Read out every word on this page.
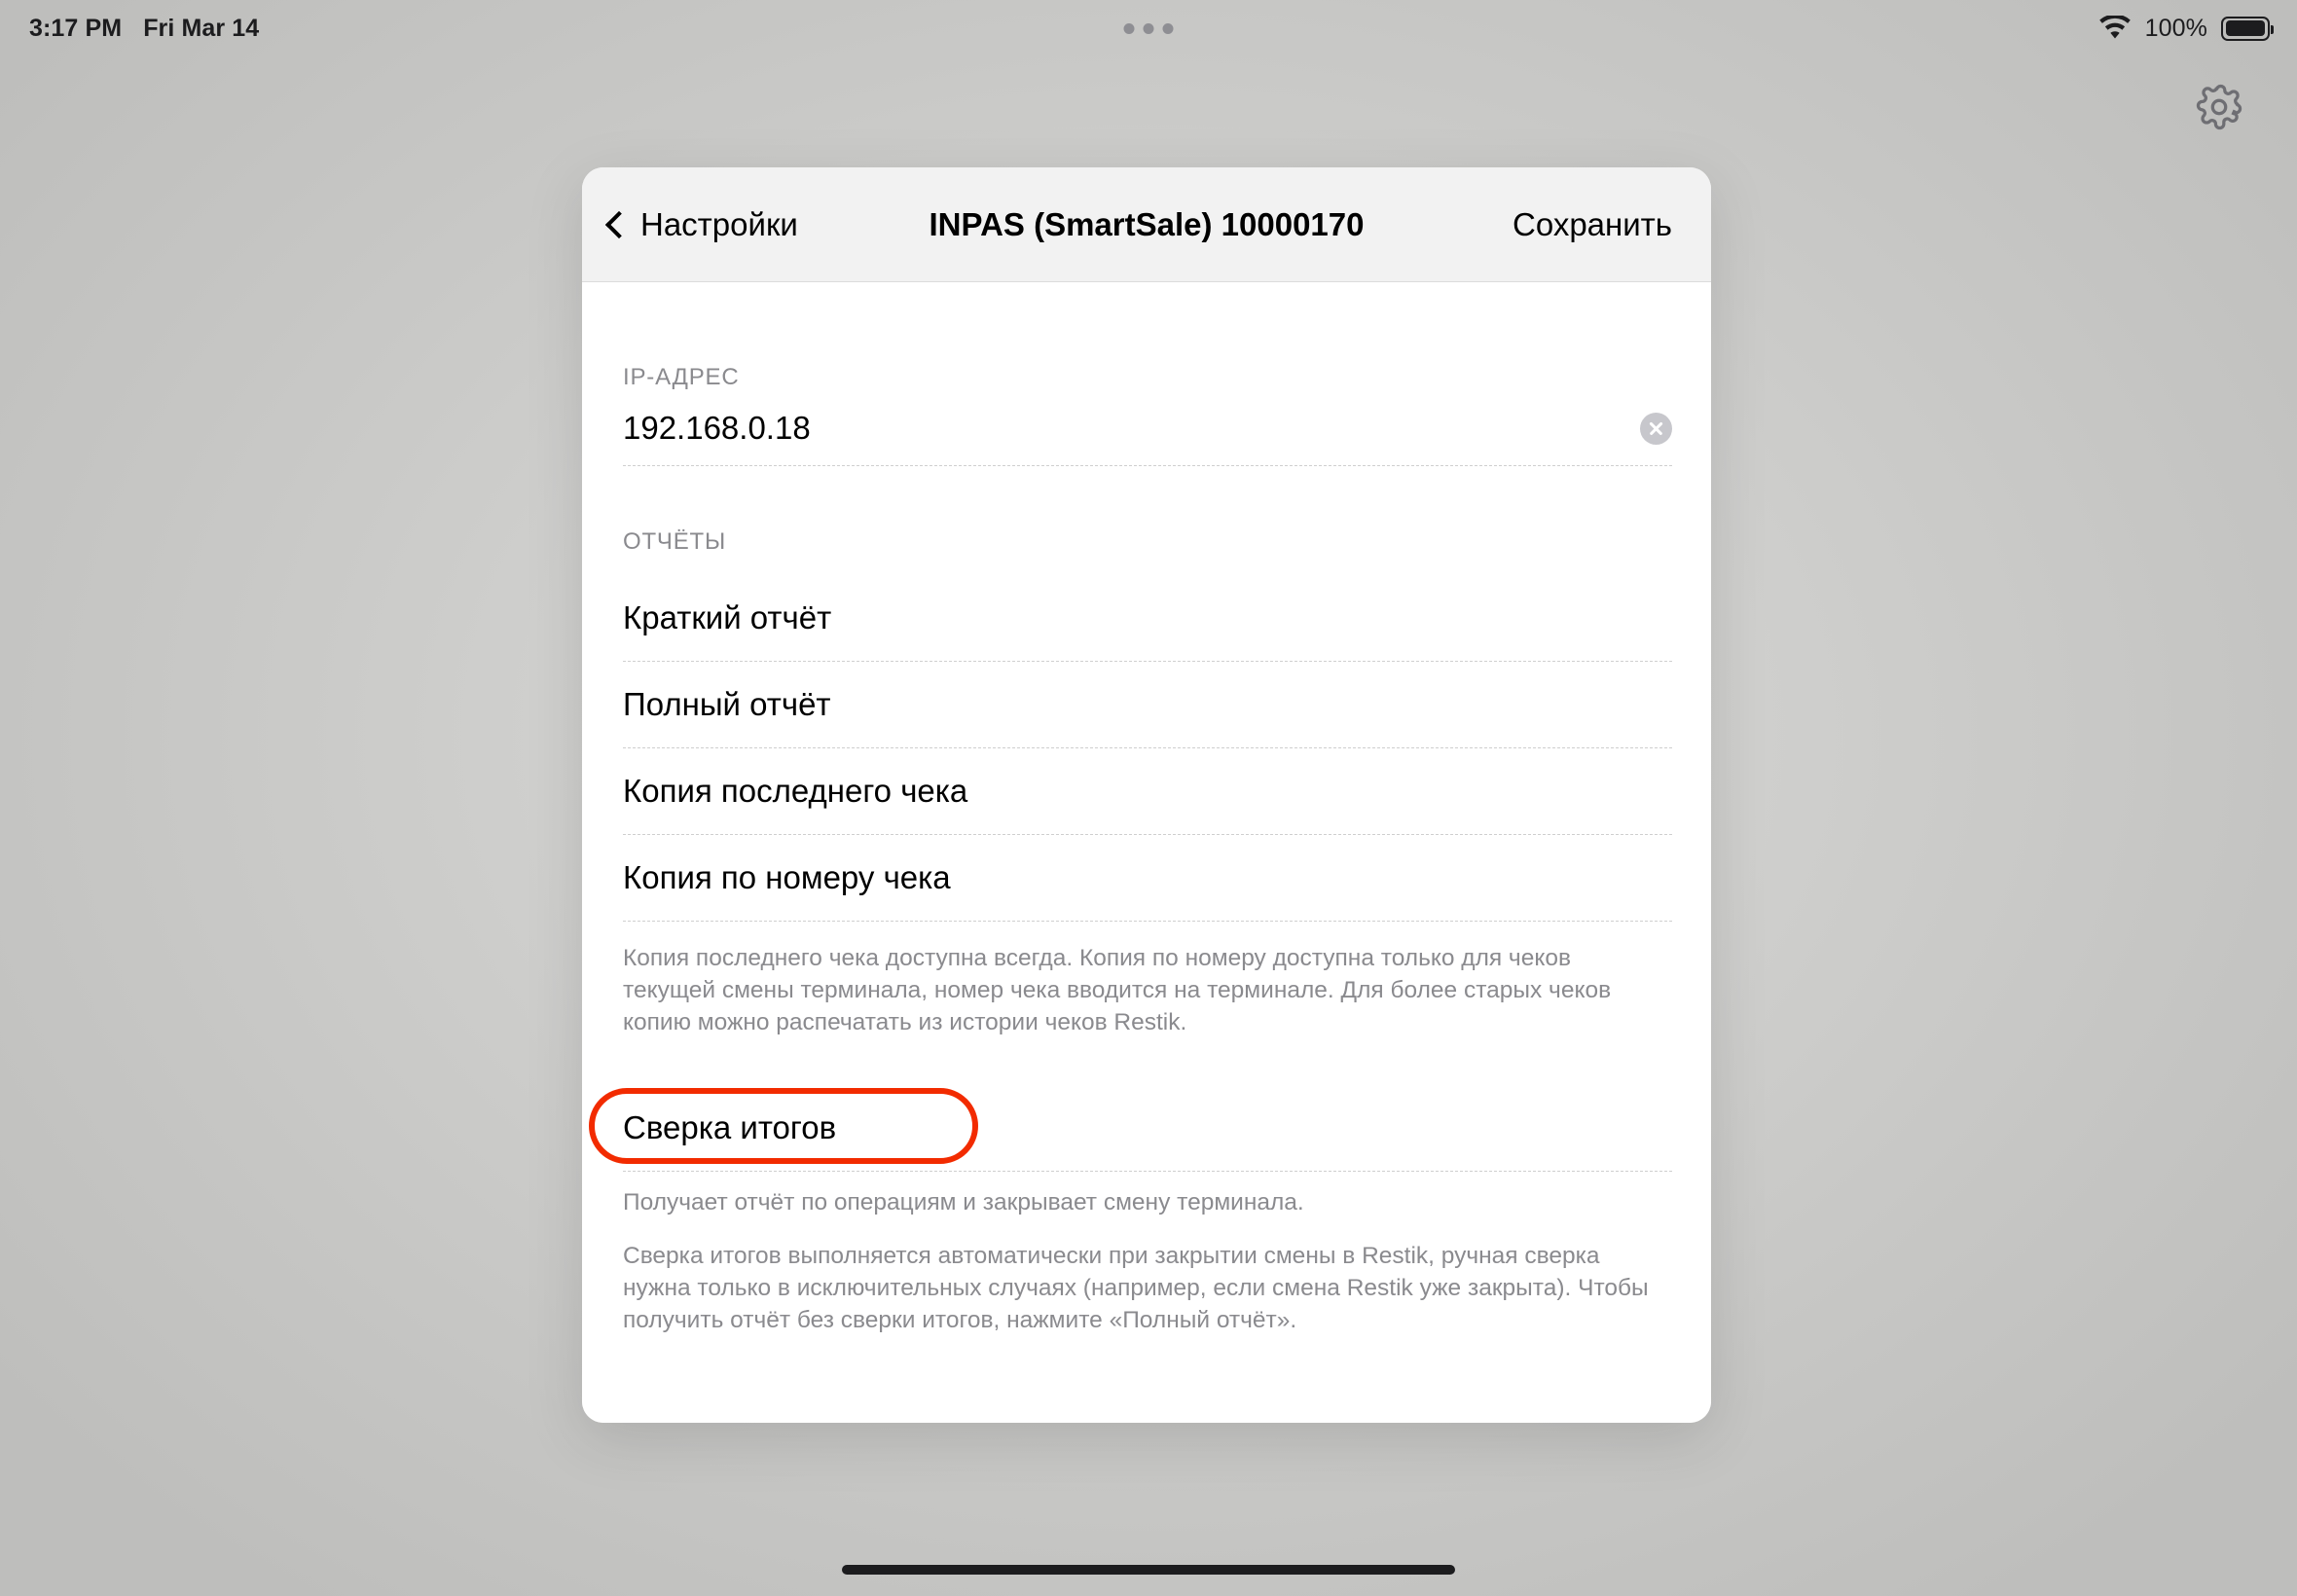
3:17 PM Fri Mar 14	100%
Настройки	INPAS (SmartSale) 10000170	Сохранить
IP-АДРЕС
192.168.0.18
ОТЧЁТЫ
Краткий отчёт
Полный отчёт
Копия последнего чека
Копия по номеру чека
Копия последнего чека доступна всегда. Копия по номеру доступна только для чеков текущей смены терминала, номер чека вводится на терминале. Для более старых чеков копию можно распечатать из истории чеков Restik.
Сверка итогов
Получает отчёт по операциям и закрывает смену терминала.
Сверка итогов выполняется автоматически при закрытии смены в Restik, ручная сверка нужна только в исключительных случаях (например, если смена Restik уже закрыта). Чтобы получить отчёт без сверки итогов, нажмите «Полный отчёт».
